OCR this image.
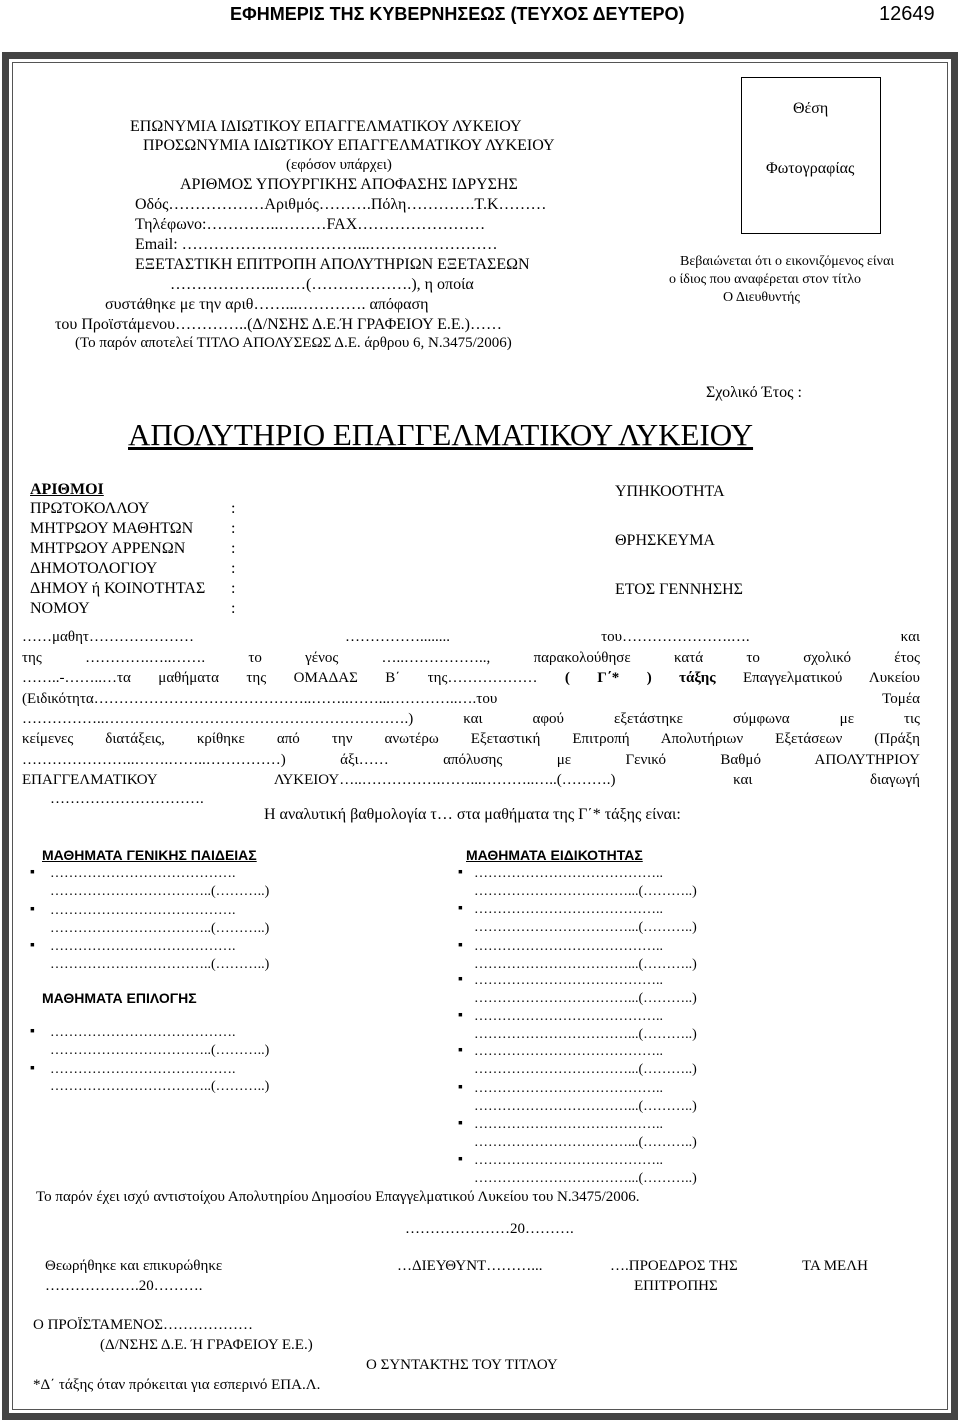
ΕΦΗΜΕΡΙΣ ΤΗΣ ΚΥΒΕΡΝΗΣΕΩΣ (ΤΕΥΧΟΣ ΔΕΥΤΕΡΟ)	12649
ΕΠΩΝΥΜΙΑ ΙΔΙΩΤΙΚΟΥ ΕΠΑΓΓΕΛΜΑΤΙΚΟΥ ΛΥΚΕΙΟΥ
ΠΡΟΣΩΝΥΜΙΑ ΙΔΙΩΤΙΚΟΥ ΕΠΑΓΓΕΛΜΑΤΙΚΟΥ ΛΥΚΕΙΟΥ
(εφόσον υπάρχει)
ΑΡΙΘΜΟΣ ΥΠΟΥΡΓΙΚΗΣ ΑΠΟΦΑΣΗΣ ΙΔΡΥΣΗΣ
Οδός………………Αριθμός……….Πόλη………….Τ.Κ………
Τηλέφωνο:…………..………FAX……………………
Email: ……………………………...……………………
ΕΞΕΤΑΣΤΙΚΗ ΕΠΙΤΡΟΠΗ ΑΠΟΛΥΤΗΡΙΩΝ ΕΞΕΤΑΣΕΩΝ
………………..……(……………….), η οποία
συστάθηκε με την αριθ……...…………. απόφαση
του Προϊστάμενου…………..(Δ/ΝΣΗΣ Δ.Ε.Ή ΓΡΑΦΕΙΟΥ Ε.Ε.)……
(Το παρόν αποτελεί ΤΙΤΛΟ ΑΠΟΛΥΣΕΩΣ Δ.Ε. άρθρου 6, Ν.3475/2006)
Θέση
Φωτογραφίας
Βεβαιώνεται ότι ο εικονιζόμενος είναι
ο ίδιος που αναφέρεται στον τίτλο
Ο Διευθυντής
Σχολικό Έτος :
ΑΠΟΛΥΤΗΡΙΟ ΕΠΑΓΓΕΛΜΑΤΙΚΟΥ ΛΥΚΕΙΟΥ
ΑΡΙΘΜΟΙ
ΠΡΩΤΟΚΟΛΛΟΥ	:
ΜΗΤΡΩΟΥ ΜΑΘΗΤΩΝ :
ΜΗΤΡΩΟΥ ΑΡΡΕΝΩΝ	:
ΔΗΜΟΤΟΛΟΓΙΟΥ	:
ΔΗΜΟΥ ή ΚΟΙΝΟΤΗΤΑΣ :
ΝΟΜΟΥ	:
ΥΠΗΚΟΟΤΗΤΑ
ΘΡΗΣΚΕΥΜΑ
ΕΤΟΣ ΓΕΝΝΗΣΗΣ
……μαθητ………………… ……………........ του………………….…. και
της ………….…..……. το γένος …..…………….., παρακολούθησε κατά το σχολικό έτος
……..-……..…τα μαθήματα της ΟΜΑΔΑΣ Β΄ της……………… ( Γ΄* ) τάξης Επαγγελματικού Λυκείου
(Ειδικότητα……………………………………..……..……...…………..….του Τομέα
……………..…………………………………………………….) και αφού εξετάστηκε σύμφωνα με τις
κείμενες διατάξεις, κρίθηκε από την ανωτέρω Εξεταστική Επιτροπή Απολυτήριων Εξετάσεων (Πράξη
…………………..…….……..……………) άξι…… απόλυσης με Γενικό Βαθμό ΑΠΟΛΥΤΗΡΙΟΥ
ΕΠΑΓΓΕΛΜΑΤΙΚΟΥ ΛΥΚΕΙΟΥ…..…………….……...………..…..(……….) και διαγωγή
………………………….
Η αναλυτική βαθμολογία τ… στα μαθήματα της Γ΄* τάξης είναι:
ΜΑΘΗΜΑΤΑ ΓΕΝΙΚΗΣ ΠΑΙΔΕΙΑΣ
▪ ………………………………….
……………………………..(………..)
▪ ………………………………….
……………………………..(………..)
▪ ………………………………….
……………………………..(………..)
ΜΑΘΗΜΑΤΑ ΕΠΙΛΟΓΗΣ
▪ ………………………………….
……………………………..(………..)
▪ ………………………………….
……………………………..(………..)
ΜΑΘΗΜΑΤΑ ΕΙΔΙΚΟΤΗΤΑΣ
▪ …………………………………..
……………………………...(………..)
▪ …………………………………..
……………………………...(………..)
▪ …………………………………..
……………………………...(………..)
▪ …………………………………..
……………………………...(………..)
▪ …………………………………..
……………………………...(………..)
▪ …………………………………..
……………………………...(………..)
▪ …………………………………..
……………………………...(………..)
▪ …………………………………..
……………………………...(………..)
▪ …………………………………..
……………………………...(………..)
Το παρόν έχει ισχύ αντιστοίχου Απολυτηρίου Δημοσίου Επαγγελματικού Λυκείου του Ν.3475/2006.
…………………20……….
Θεωρήθηκε και επικυρώθηκε
……………….20……….
…ΔΙΕΥΘΥΝΤ………...	….ΠΡΟΕΔΡΟΣ ΤΗΣ
ΕΠΙΤΡΟΠΗΣ
ΤΑ ΜΕΛΗ
Ο ΠΡΟΪΣΤΑΜΕΝΟΣ………………
(Δ/ΝΣΗΣ Δ.Ε. Ή ΓΡΑΦΕΙΟΥ Ε.Ε.)
Ο ΣΥΝΤΑΚΤΗΣ ΤΟΥ ΤΙΤΛΟΥ
*Δ΄ τάξης όταν πρόκειται για εσπερινό ΕΠΑ.Λ.
